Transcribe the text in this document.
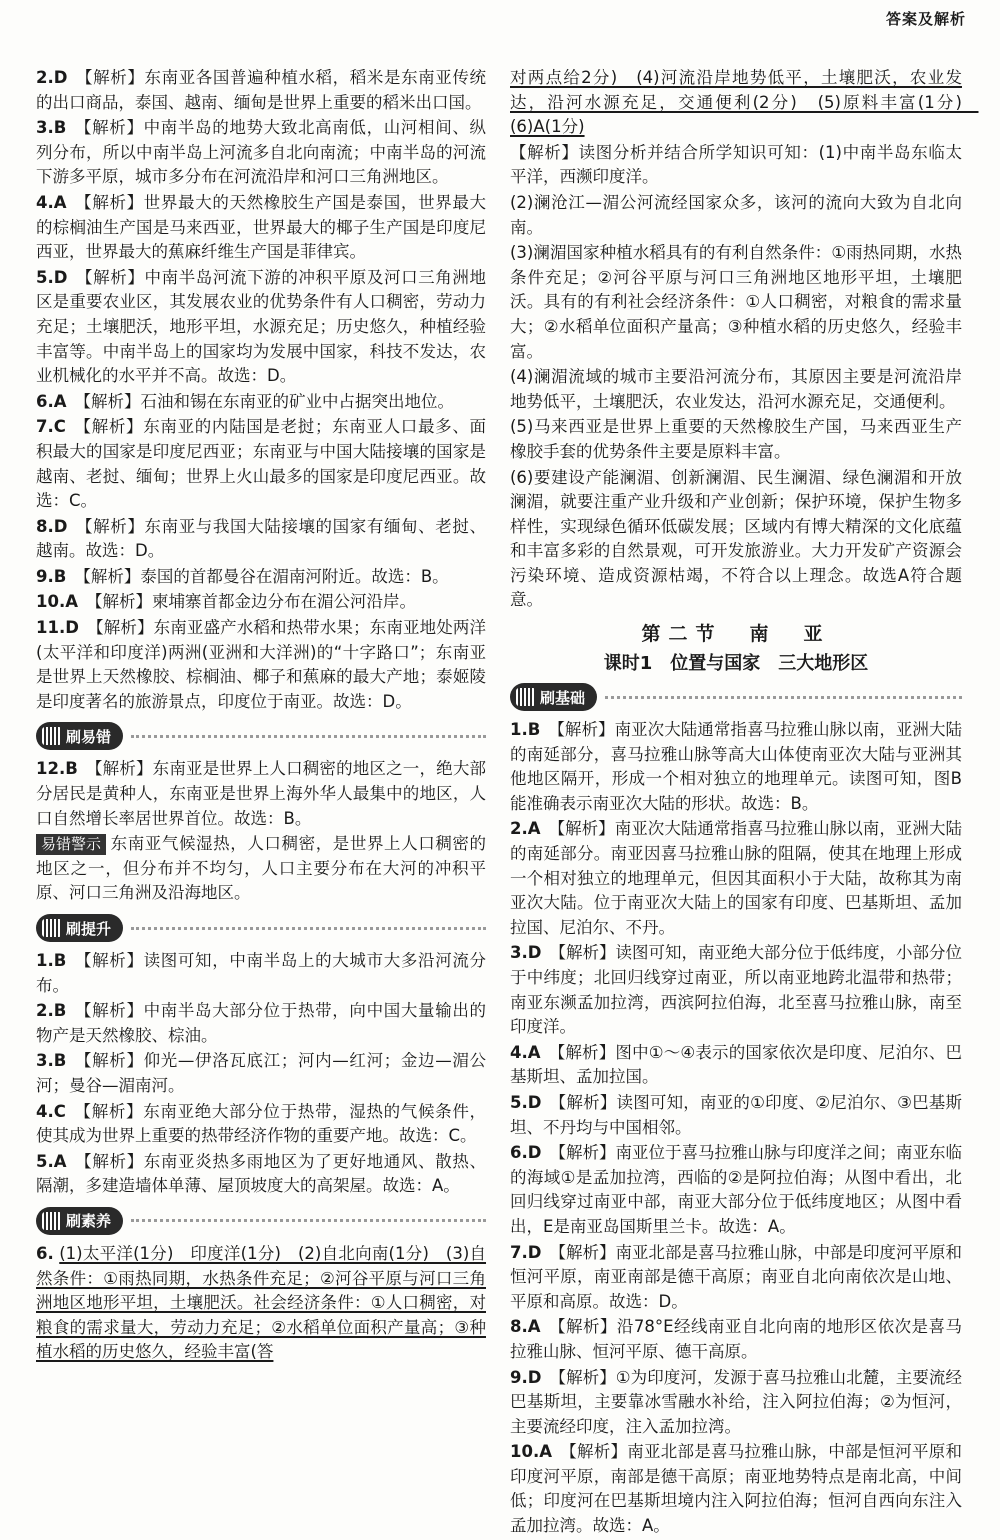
答案及解析

2.D 【解析】东南亚各国普遍种植水稻，稻米是东南亚传统的出口商品，泰国、越南、缅甸是世界上重要的稻米出口国。

3.B 【解析】中南半岛的地势大致北高南低，山河相间、纵列分布，所以中南半岛上河流多自北向南流；中南半岛的河流下游多平原，城市多分布在河流沿岸和河口三角洲地区。

4.A 【解析】世界最大的天然橡胶生产国是泰国，世界最大的棕榈油生产国是马来西亚，世界最大的椰子生产国是印度尼西亚，世界最大的蕉麻纤维生产国是菲律宾。

5.D 【解析】中南半岛河流下游的冲积平原及河口三角洲地区是重要农业区，其发展农业的优势条件有人口稠密，劳动力充足；土壤肥沃，地形平坦，水源充足；历史悠久，种植经验丰富等。中南半岛上的国家均为发展中国家，科技不发达，农业机械化的水平并不高。故选：D。

6.A 【解析】石油和锡在东南亚的矿业中占据突出地位。

7.C 【解析】东南亚的内陆国是老挝；东南亚人口最多、面积最大的国家是印度尼西亚；东南亚与中国大陆接壤的国家是越南、老挝、缅甸；世界上火山最多的国家是印度尼西亚。故选：C。

8.D 【解析】东南亚与我国大陆接壤的国家有缅甸、老挝、越南。故选：D。

9.B 【解析】泰国的首都曼谷在湄南河附近。故选：B。

10.A 【解析】柬埔寨首都金边分布在湄公河沿岸。

11.D 【解析】东南亚盛产水稻和热带水果；东南亚地处两洋(太平洋和印度洋)两洲(亚洲和大洋洲)的“十字路口”；东南亚是世界上天然橡胶、棕榈油、椰子和蕉麻的最大产地；泰姬陵是印度著名的旅游景点，印度位于南亚。故选：D。

刷易错

12.B 【解析】东南亚是世界上人口稠密的地区之一，绝大部分居民是黄种人，东南亚是世界上海外华人最集中的地区，人口自然增长率居世界首位。故选：B。

易错警示 东南亚气候湿热，人口稠密，是世界上人口稠密的地区之一，但分布并不均匀，人口主要分布在大河的冲积平原、河口三角洲及沿海地区。

刷提升

1.B 【解析】读图可知，中南半岛上的大城市大多沿河流分布。

2.B 【解析】中南半岛大部分位于热带，向中国大量输出的物产是天然橡胶、棕油。

3.B 【解析】仰光—伊洛瓦底江；河内—红河；金边—湄公河；曼谷—湄南河。

4.C 【解析】东南亚绝大部分位于热带，湿热的气候条件，使其成为世界上重要的热带经济作物的重要产地。故选：C。

5.A 【解析】东南亚炎热多雨地区为了更好地通风、散热、隔潮，多建造墙体单薄、屋顶坡度大的高架屋。故选：A。

刷素养

6. (1)太平洋(1分)　印度洋(1分)　(2)自北向南(1分)　(3)自然条件：①雨热同期，水热条件充足；②河谷平原与河口三角洲地区地形平坦，土壤肥沃。社会经济条件：①人口稠密，对粮食的需求量大，劳动力充足；②水稻单位面积产量高；③种植水稻的历史悠久，经验丰富(答

对两点给2分)　(4)河流沿岸地势低平，土壤肥沃，农业发达，沿河水源充足，交通便利(2分)　(5)原料丰富(1分)　(6)A(1分)

【解析】读图分析并结合所学知识可知：(1)中南半岛东临太平洋，西濒印度洋。

(2)澜沧江—湄公河流经国家众多，该河的流向大致为自北向南。

(3)澜湄国家种植水稻具有的有利自然条件：①雨热同期，水热条件充足；②河谷平原与河口三角洲地区地形平坦，土壤肥沃。具有的有利社会经济条件：①人口稠密，对粮食的需求量大；②水稻单位面积产量高；③种植水稻的历史悠久，经验丰富。

(4)澜湄流域的城市主要沿河流分布，其原因主要是河流沿岸地势低平，土壤肥沃，农业发达，沿河水源充足，交通便利。

(5)马来西亚是世界上重要的天然橡胶生产国，马来西亚生产橡胶手套的优势条件主要是原料丰富。

(6)要建设产能澜湄、创新澜湄、民生澜湄、绿色澜湄和开放澜湄，就要注重产业升级和产业创新；保护环境，保护生物多样性，实现绿色循环低碳发展；区域内有博大精深的文化底蕴和丰富多彩的自然景观，可开发旅游业。大力开发矿产资源会污染环境、造成资源枯竭，不符合以上理念。故选A符合题意。

第二节　南　亚
课时1　位置与国家　三大地形区
刷基础

1.B 【解析】南亚次大陆通常指喜马拉雅山脉以南，亚洲大陆的南延部分，喜马拉雅山脉等高大山体使南亚次大陆与亚洲其他地区隔开，形成一个相对独立的地理单元。读图可知，图B能准确表示南亚次大陆的形状。故选：B。

2.A 【解析】南亚次大陆通常指喜马拉雅山脉以南，亚洲大陆的南延部分。南亚因喜马拉雅山脉的阻隔，使其在地理上形成一个相对独立的地理单元，但因其面积小于大陆，故称其为南亚次大陆。位于南亚次大陆上的国家有印度、巴基斯坦、孟加拉国、尼泊尔、不丹。

3.D 【解析】读图可知，南亚绝大部分位于低纬度，小部分位于中纬度；北回归线穿过南亚，所以南亚地跨北温带和热带；南亚东濒孟加拉湾，西滨阿拉伯海，北至喜马拉雅山脉，南至印度洋。

4.A 【解析】图中①～④表示的国家依次是印度、尼泊尔、巴基斯坦、孟加拉国。

5.D 【解析】读图可知，南亚的①印度、②尼泊尔、③巴基斯坦、不丹均与中国相邻。

6.D 【解析】南亚位于喜马拉雅山脉与印度洋之间；南亚东临的海域①是孟加拉湾，西临的②是阿拉伯海；从图中看出，北回归线穿过南亚中部，南亚大部分位于低纬度地区；从图中看出，E是南亚岛国斯里兰卡。故选：A。

7.D 【解析】南亚北部是喜马拉雅山脉，中部是印度河平原和恒河平原，南亚南部是德干高原；南亚自北向南依次是山地、平原和高原。故选：D。

8.A 【解析】沿78°E经线南亚自北向南的地形区依次是喜马拉雅山脉、恒河平原、德干高原。

9.D 【解析】①为印度河，发源于喜马拉雅山北麓，主要流经巴基斯坦，主要靠冰雪融水补给，注入阿拉伯海；②为恒河，主要流经印度，注入孟加拉湾。

10.A 【解析】南亚北部是喜马拉雅山脉，中部是恒河平原和印度河平原，南部是德干高原；南亚地势特点是南北高，中间低；印度河在巴基斯坦境内注入阿拉伯海；恒河自西向东注入孟加拉湾。故选：A。
